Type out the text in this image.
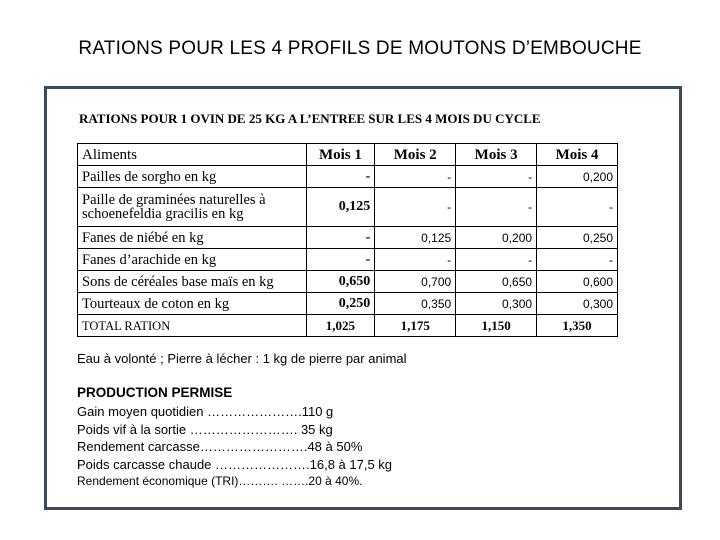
RATIONS POUR LES 4 PROFILS DE MOUTONS D’EMBOUCHE
RATIONS POUR 1 OVIN DE 25 KG A L’ENTREE SUR LES 4 MOIS DU CYCLE
Aliments	Mois 1	Mois 2	Mois 3	Mois 4
Pailles de sorgho en kg	-	-	-	0,200
Paille de graminées naturelles à schoenefeldia gracilis en kg	0,125	-	-	-
Fanes de niébé en kg	-	0,125	0,200	0,250
Fanes d’arachide en kg	-	-	-	-
Sons de céréales base maïs en kg	0,650	0,700	0,650	0,600
Tourteaux de coton en kg	0,250	0,350	0,300	0,300
TOTAL RATION	1,025	1,175	1,150	1,350
Eau à volonté ; Pierre à lécher : 1 kg de pierre par animal
PRODUCTION PERMISE
Gain moyen quotidien ………………….110 g
Poids vif à la sortie ……………………. 35 kg
Rendement carcasse…………………….48 à 50%
Poids carcasse chaude ………………….16,8 à 17,5 kg
Rendement économique (TRI)………. …….20 à 40%.
